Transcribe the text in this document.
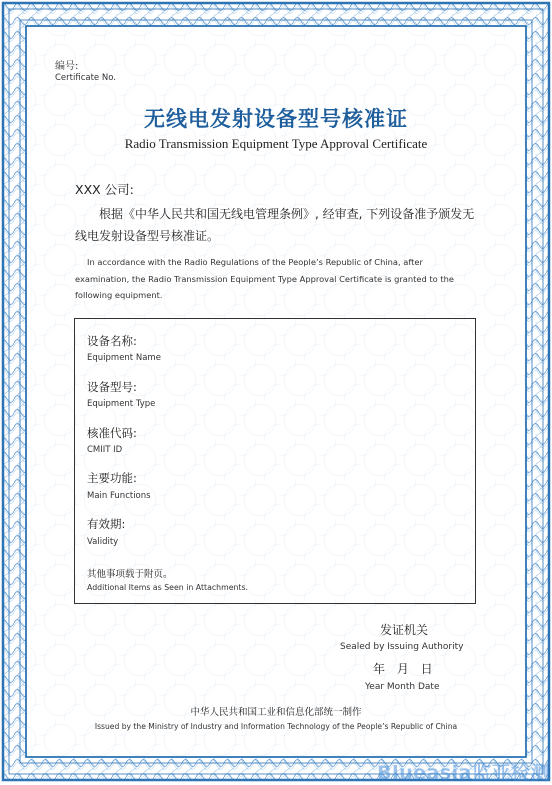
编号:
Certificate No.
无线电发射设备型号核准证
Radio Transmission Equipment Type Approval Certificate
XXX 公司:
根据《中华人民共和国无线电管理条例》, 经审查, 下列设备准予颁发无线电发射设备型号核准证。
In accordance with the Radio Regulations of the People’s Republic of China, after examination, the Radio Transmission Equipment Type Approval Certificate is granted to the following equipment.
设备名称:
Equipment Name
设备型号:
Equipment Type
核准代码:
CMIIT ID
主要功能:
Main Functions
有效期:
Validity
其他事项载于附页。
Additional Items as Seen in Attachments.
发证机关
Sealed by Issuing Authority
年 月 日
Year Month Date
中华人民共和国工业和信息化部统一制作
Issued by the Ministry of Industry and Information Technology of the People’s Republic of China
Blueasia监亚检测
